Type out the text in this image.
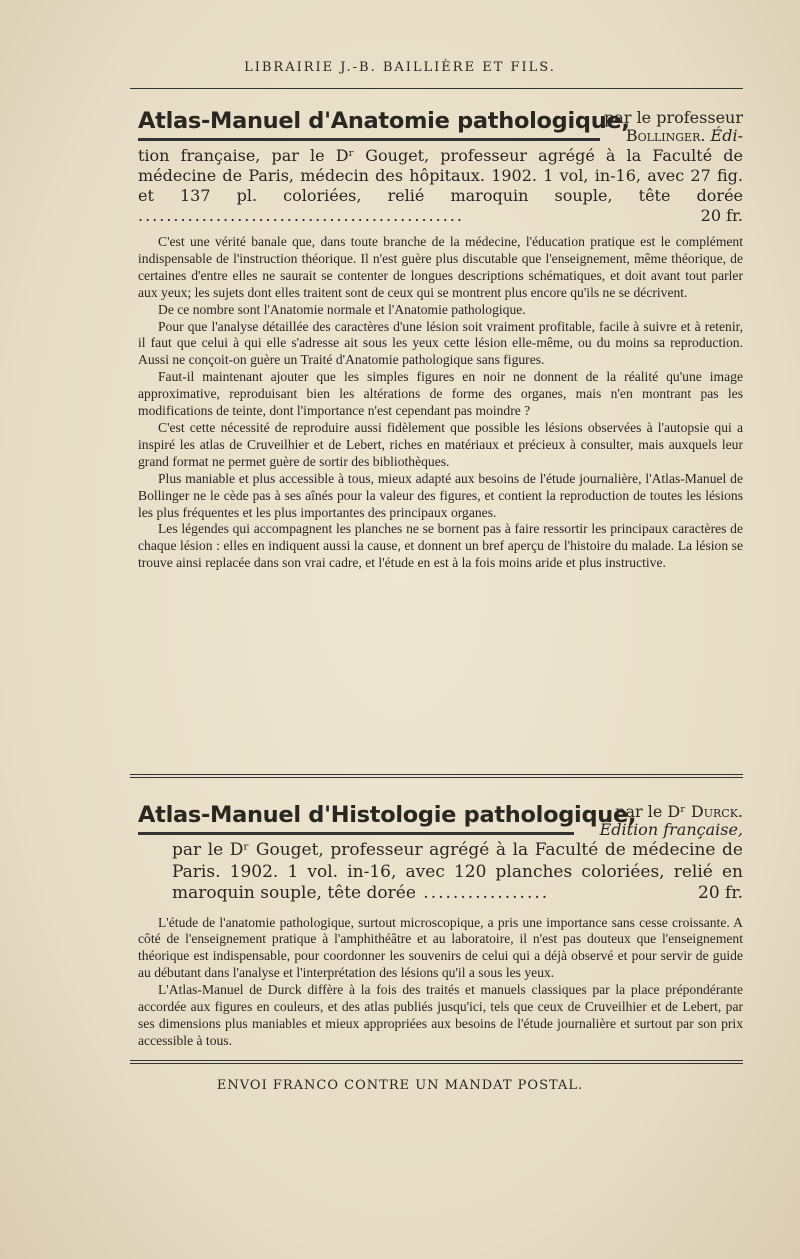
LIBRAIRIE J.-B. BAILLIÈRE ET FILS.
Atlas-Manuel d'Anatomie pathologique,
par le professeur
Bollinger. Édi-

tion française, par le Dʳ Gouget, professeur agrégé à la Faculté de médecine de Paris, médecin des hôpitaux. 1902. 1 vol, in-16, avec 27 fig. et 137 pl. coloriées, relié maroquin souple, tête dorée ..............................................	20 fr.

C'est une vérité banale que, dans toute branche de la médecine, l'éducation pratique est le complément indispensable de l'instruction théorique. Il n'est guère plus discutable que l'enseignement, même théorique, de certaines d'entre elles ne saurait se contenter de longues descriptions schématiques, et doit avant tout parler aux yeux; les sujets dont elles traitent sont de ceux qui se montrent plus encore qu'ils ne se décrivent.

De ce nombre sont l'Anatomie normale et l'Anatomie pathologique.

Pour que l'analyse détaillée des caractères d'une lésion soit vraiment profitable, facile à suivre et à retenir, il faut que celui à qui elle s'adresse ait sous les yeux cette lésion elle-même, ou du moins sa reproduction. Aussi ne conçoit-on guère un Traité d'Anatomie pathologique sans figures.

Faut-il maintenant ajouter que les simples figures en noir ne donnent de la réalité qu'une image approximative, reproduisant bien les altérations de forme des organes, mais n'en montrant pas les modifications de teinte, dont l'importance n'est cependant pas moindre ?

C'est cette nécessité de reproduire aussi fidèlement que possible les lésions observées à l'autopsie qui a inspiré les atlas de Cruveilhier et de Lebert, riches en matériaux et précieux à consulter, mais auxquels leur grand format ne permet guère de sortir des bibliothèques.

Plus maniable et plus accessible à tous, mieux adapté aux besoins de l'étude journalière, l'Atlas-Manuel de Bollinger ne le cède pas à ses aînés pour la valeur des figures, et contient la reproduction de toutes les lésions les plus fréquentes et les plus importantes des principaux organes.

Les légendes qui accompagnent les planches ne se bornent pas à faire ressortir les principaux caractères de chaque lésion : elles en indiquent aussi la cause, et donnent un bref aperçu de l'histoire du malade. La lésion se trouve ainsi replacée dans son vrai cadre, et l'étude en est à la fois moins aride et plus instructive.

Atlas-Manuel d'Histologie pathologique,
par le Dʳ Durck.
Édition française,

par le Dʳ Gouget, professeur agrégé à la Faculté de médecine de Paris. 1902. 1 vol. in-16, avec 120 planches coloriées, relié en maroquin souple, tête dorée .................	20 fr.

L'étude de l'anatomie pathologique, surtout microscopique, a pris une importance sans cesse croissante. A côté de l'enseignement pratique à l'amphithéâtre et au laboratoire, il n'est pas douteux que l'enseignement théorique est indispensable, pour coordonner les souvenirs de celui qui a déjà observé et pour servir de guide au débutant dans l'analyse et l'interprétation des lésions qu'il a sous les yeux.

L'Atlas-Manuel de Durck diffère à la fois des traités et manuels classiques par la place prépondérante accordée aux figures en couleurs, et des atlas publiés jusqu'ici, tels que ceux de Cruveilhier et de Lebert, par ses dimensions plus maniables et mieux appropriées aux besoins de l'étude journalière et surtout par son prix accessible à tous.

ENVOI FRANCO CONTRE UN MANDAT POSTAL.
